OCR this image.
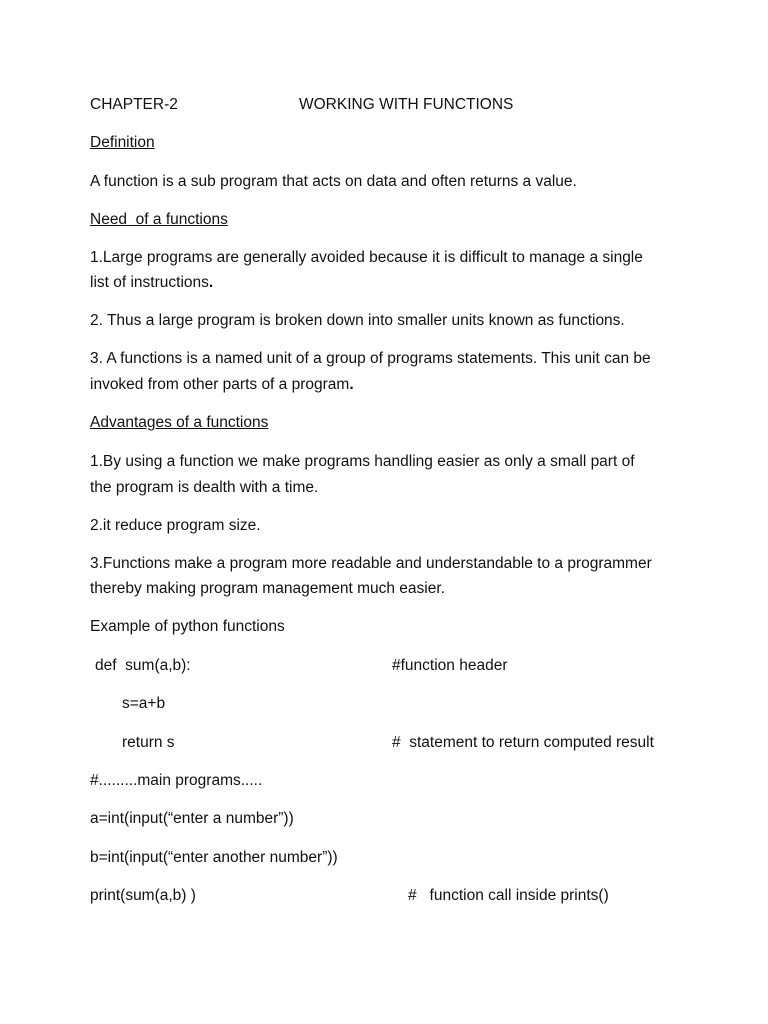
CHAPTER-2	WORKING WITH FUNCTIONS
Definition
A function is a sub program that acts on data and often returns a value.
Need  of a functions
1.Large programs are generally avoided because it is difficult to manage a single
list of instructions.
2. Thus a large program is broken down into smaller units known as functions.
3. A functions is a named unit of a group of programs statements. This unit can be
invoked from other parts of a program.
Advantages of a functions
1.By using a function we make programs handling easier as only a small part of
the program is dealth with a time.
2.it reduce program size.
3.Functions make a program more readable and understandable to a programmer
thereby making program management much easier.
Example of python functions
def  sum(a,b):	#function header
s=a+b
return s	#  statement to return computed result
#.........main programs.....
a=int(input(“enter a number”))
b=int(input(“enter another number”))
print(sum(a,b) )	#   function call inside prints()
